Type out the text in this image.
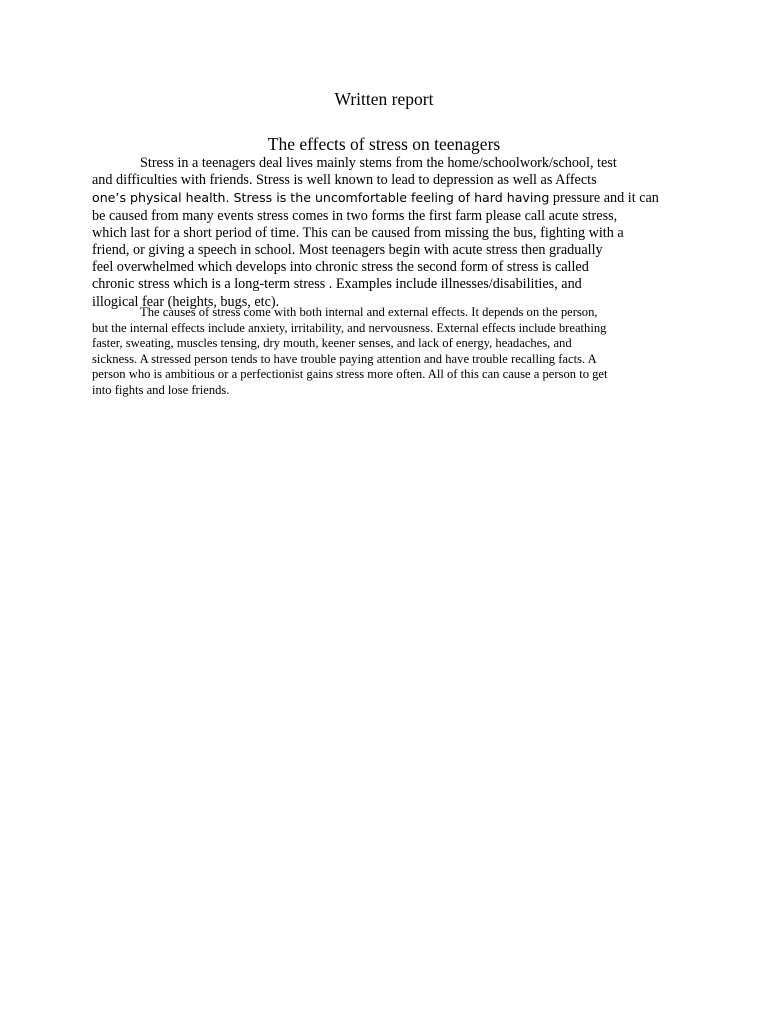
Written report
The effects of stress on teenagers
Stress in a teenagers deal lives mainly stems from the home/schoolwork/school, test
and difficulties with friends. Stress is well known to lead to depression as well as Affects
one’s physical health. Stress is the uncomfortable feeling of hard having pressure and it can
be caused from many events stress comes in two forms the first farm please call acute stress,
which last for a short period of time. This can be caused from missing the bus, fighting with a
friend, or giving a speech in school. Most teenagers begin with acute stress then gradually
feel overwhelmed which develops into chronic stress the second form of stress is called
chronic stress which is a long-term stress . Examples include illnesses/disabilities, and
illogical fear (heights, bugs, etc).
The causes of stress come with both internal and external effects. It depends on the person,
but the internal effects include anxiety, irritability, and nervousness. External effects include breathing
faster, sweating, muscles tensing, dry mouth, keener senses, and lack of energy, headaches, and
sickness. A stressed person tends to have trouble paying attention and have trouble recalling facts. A
person who is ambitious or a perfectionist gains stress more often. All of this can cause a person to get
into fights and lose friends.
